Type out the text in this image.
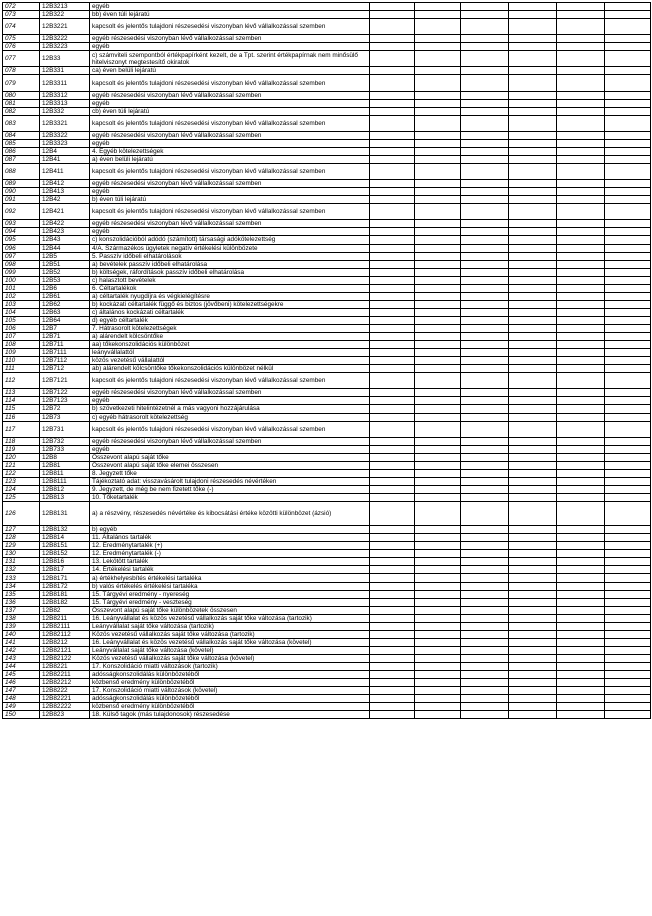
072	12B3213	egyéb						
073	12B322	bb) éven túli lejáratú						
074	12B3221	kapcsolt és jelentős tulajdoni részesedési viszonyban lévő vállalkozással szemben						
075	12B3222	egyéb részesedési viszonyban lévő vállalkozással szemben						
076	12B3223	egyéb						
077	12B33	c) számviteli szempontból értékpapírként kezelt, de a Tpt. szerint értékpapírnak nem minősülő hitelviszonyt megtestesítő okiratok						
078	12B331	ca) éven belüli lejáratú						
079	12B3311	kapcsolt és jelentős tulajdoni részesedési viszonyban lévő vállalkozással szemben						
080	12B3312	egyéb részesedési viszonyban lévő vállalkozással szemben						
081	12B3313	egyéb						
082	12B332	cb) éven túli lejáratú						
083	12B3321	kapcsolt és jelentős tulajdoni részesedési viszonyban lévő vállalkozással szemben						
084	12B3322	egyéb részesedési viszonyban lévő vállalkozással szemben						
085	12B3323	egyéb						
086	12B4	4. Egyéb kötelezettségek						
087	12B41	a) éven belüli lejáratú						
088	12B411	kapcsolt és jelentős tulajdoni részesedési viszonyban lévő vállalkozással szemben						
089	12B412	egyéb részesedési viszonyban lévő vállalkozással szemben						
090	12B413	egyéb						
091	12B42	b) éven túli lejáratú						
092	12B421	kapcsolt és jelentős tulajdoni részesedési viszonyban lévő vállalkozással szemben						
093	12B422	egyéb részesedési viszonyban lévő vállalkozással szemben						
094	12B423	egyéb						
095	12B43	c) konszolidációból adódó (számított) társasági adókötelezettség						
096	12B44	4/A. Származékos ügyletek negatív értékelési különbözete						
097	12B5	5. Passzív időbeli elhatárolások						
098	12B51	a) bevételek passzív időbeli elhatárolása						
099	12B52	b) költségek, ráfordítások passzív időbeli elhatárolása						
100	12B53	c) halasztott bevételek						
101	12B6	6. Céltartalékok						
102	12B61	a) céltartalék nyugdíjra és végkielégítésre						
103	12B62	b) kockázati céltartalék függő és biztos (jövőbeni) kötelezettségekre						
104	12B63	c) általános kockázati céltartalék						
105	12B64	d) egyéb céltartalék						
106	12B7	7. Hátrasorolt kötelezettségek						
107	12B71	a) alárendelt kölcsöntőke						
108	12B711	aa) tőkekonszolidációs különbözet						
109	12B7111	leányvállalattól						
110	12B7112	közös vezetésű vállalattól						
111	12B712	ab) alárendelt kölcsöntőke tőkekonszolidációs különbözet nélkül						
112	12B7121	kapcsolt és jelentős tulajdoni részesedési viszonyban lévő vállalkozással szemben						
113	12B7122	egyéb részesedési viszonyban lévő vállalkozással szemben						
114	12B7123	egyéb						
115	12B72	b) szövetkezeti hitelintézetnél a más vagyoni hozzájárulása						
116	12B73	c) egyéb hátrasorolt kötelezettség						
117	12B731	kapcsolt és jelentős tulajdoni részesedési viszonyban lévő vállalkozással szemben						
118	12B732	egyéb részesedési viszonyban lévő vállalkozással szemben						
119	12B733	egyéb						
120	12B8	Összevont alapú saját tőke						
121	12B81	Összevont alapú saját tőke elemei összesen						
122	12B811	8. Jegyzett tőke						
123	12B8111	Tájékoztató adat: visszavásárolt tulajdoni részesedés névértéken						
124	12B812	9. Jegyzett, de még be nem fizetett tőke (-)						
125	12B813	10. Tőketartalék						
126	12B8131	a) a részvény, részesedés névértéke és kibocsátási értéke közötti különbözet (ázsió)						
127	12B8132	b) egyéb						
128	12B814	11. Általános tartalék						
129	12B8151	12. Eredménytartalék (+)						
130	12B8152	12. Eredménytartalék (-)						
131	12B816	13. Lekötött tartalék						
132	12B817	14. Értékelési tartalék						
133	12B8171	a) értékhelyesbítés értékelési tartaléka						
134	12B8172	b) valós értékelés értékelési tartaléka						
135	12B8181	15. Tárgyévi eredmény - nyereség						
136	12B8182	15. Tárgyévi eredmény - veszteség						
137	12B82	Összevont alapú saját tőke különbözetek összesen						
138	12B8211	16. Leányvállalat és közös vezetésű vállalkozás saját tőke változása (tartozik)						
139	12B82111	Leányvállalat saját tőke változása (tartozik)						
140	12B82112	Közös vezetésű vállalkozás saját tőke változása (tartozik)						
141	12B8212	16. Leányvállalat és közös vezetésű vállalkozás saját tőke változása (követel)						
142	12B82121	Leányvállalat saját tőke változása (követel)						
143	12B82122	Közös vezetésű vállalkozás saját tőke változása (követel)						
144	12B8221	17. Konszolidáció miatti változások (tartozik)						
145	12B82211	adósságkonszolidálás különbözetéből						
146	12B82212	közbenső eredmény különbözetéből						
147	12B8222	17. Konszolidáció miatti változások (követel)						
148	12B82221	adósságkonszolidálás különbözetéből						
149	12B82222	közbenső eredmény különbözetéből						
150	12B823	18. Külső tagok (más tulajdonosok) részesedése						
